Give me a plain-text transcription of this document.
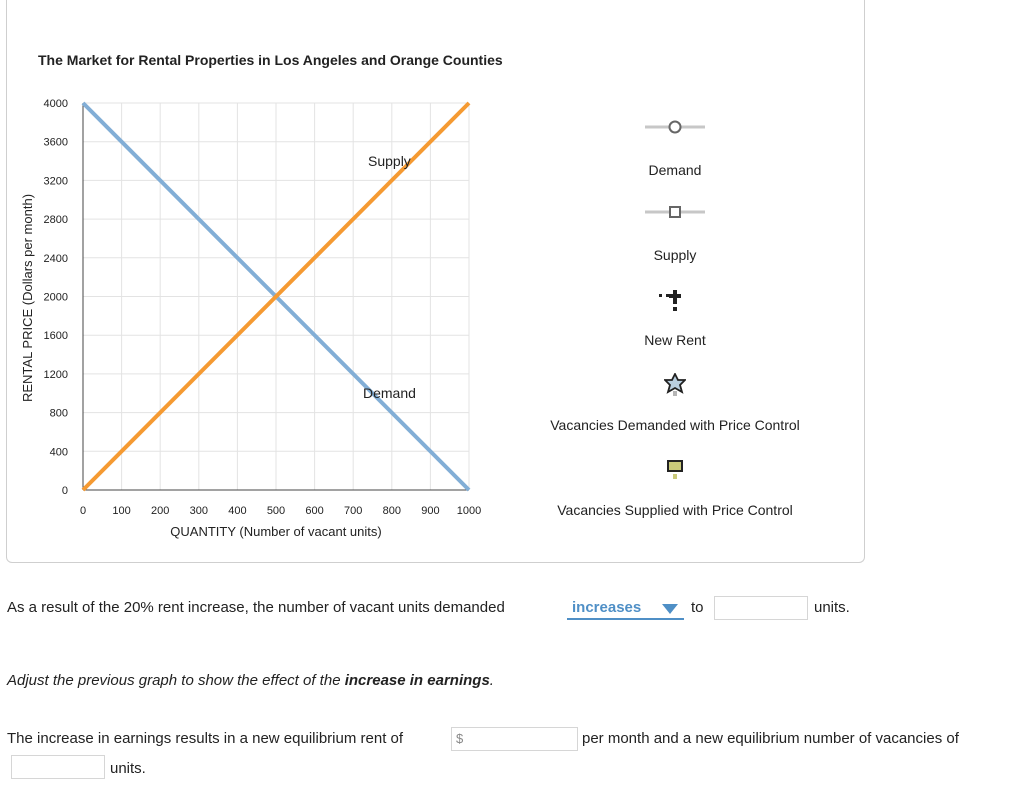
The Market for Rental Properties in Los Angeles and Orange Counties
0 100 200 300 400 500 600 700 800 900 1000
0
400
800
1200
1600
2000
2400
2800
3200
3600
4000
QUANTITY (Number of vacant units)
RENTAL PRICE (Dollars per month)
Supply
Demand
Demand
Supply
New Rent
Vacancies Demanded with Price Control
Vacancies Supplied with Price Control
As a result of the 20% rent increase, the number of vacant units demanded	increases	to	units.
Adjust the previous graph to show the effect of the increase in earnings.
The increase in earnings results in a new equilibrium rent of	$	per month and a new equilibrium number of vacancies of
units.
